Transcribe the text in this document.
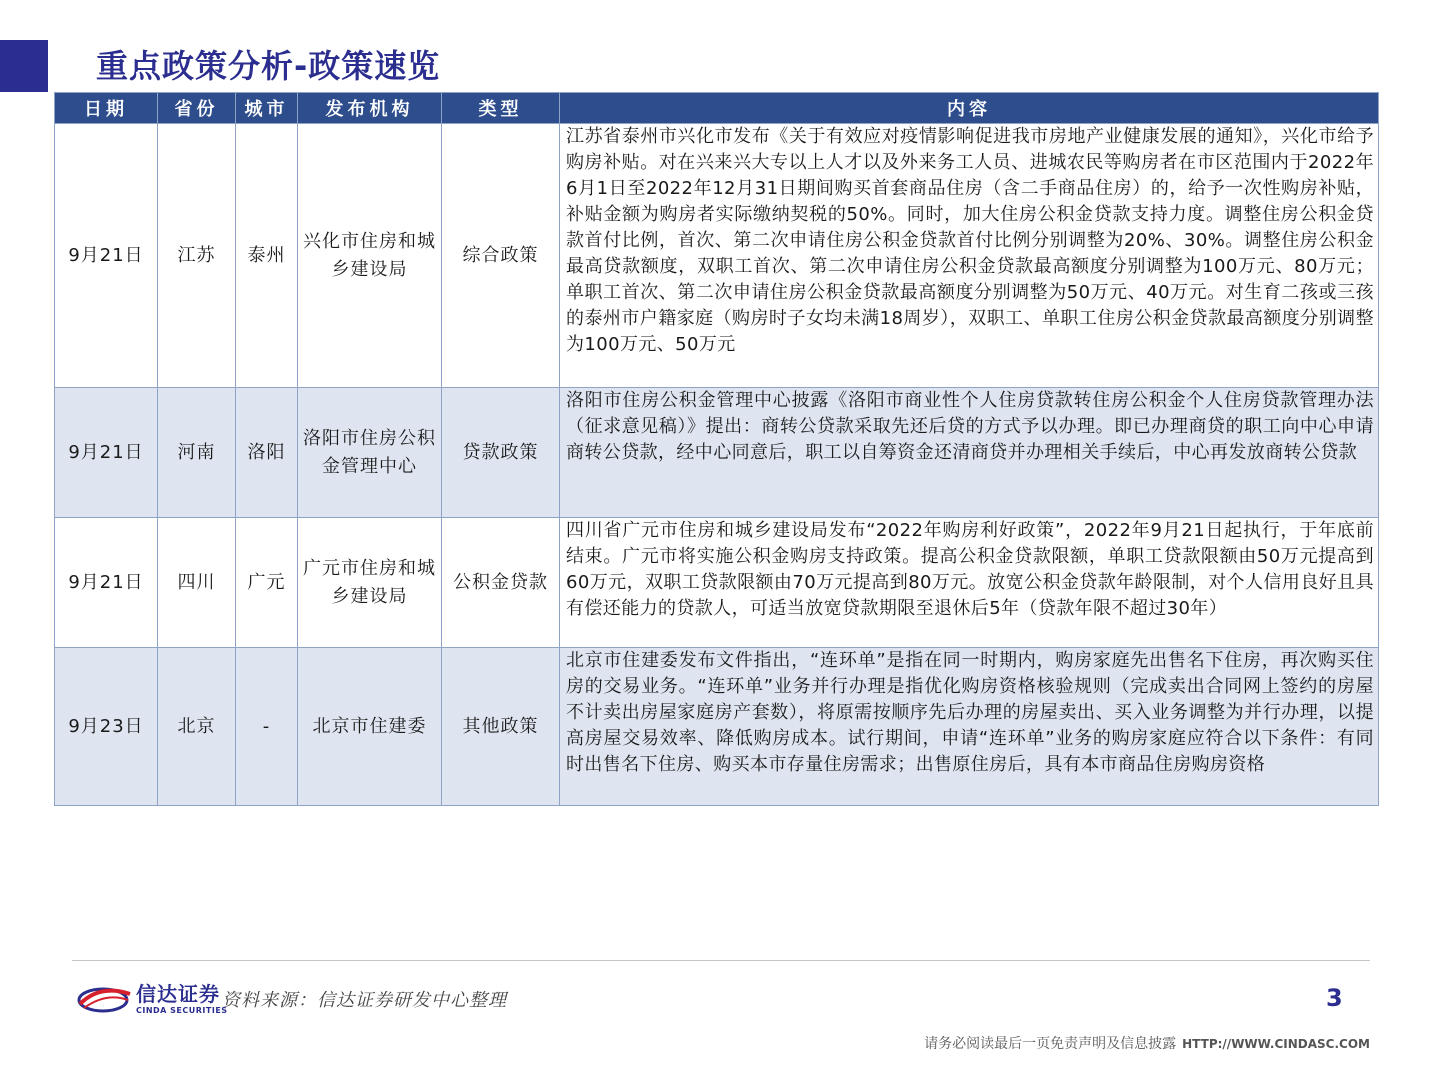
重点政策分析-政策速览
日期	省份	城市	发布机构	类型	内容
9月21日	江苏	泰州	兴化市住房和城乡建设局	综合政策	江苏省泰州市兴化市发布《关于有效应对疫情影响促进我市房地产业健康发展的通知》，兴化市给予购房补贴。对在兴来兴大专以上人才以及外来务工人员、进城农民等购房者在市区范围内于2022年6月1日至2022年12月31日期间购买首套商品住房（含二手商品住房）的，给予一次性购房补贴，补贴金额为购房者实际缴纳契税的50%。同时，加大住房公积金贷款支持力度。调整住房公积金贷款首付比例，首次、第二次申请住房公积金贷款首付比例分别调整为20%、30%。调整住房公积金最高贷款额度，双职工首次、第二次申请住房公积金贷款最高额度分别调整为100万元、80万元；单职工首次、第二次申请住房公积金贷款最高额度分别调整为50万元、40万元。对生育二孩或三孩的泰州市户籍家庭（购房时子女均未满18周岁），双职工、单职工住房公积金贷款最高额度分别调整为100万元、50万元
9月21日	河南	洛阳	洛阳市住房公积金管理中心	贷款政策	洛阳市住房公积金管理中心披露《洛阳市商业性个人住房贷款转住房公积金个人住房贷款管理办法（征求意见稿）》提出：商转公贷款采取先还后贷的方式予以办理。即已办理商贷的职工向中心申请商转公贷款，经中心同意后，职工以自筹资金还清商贷并办理相关手续后，中心再发放商转公贷款
9月21日	四川	广元	广元市住房和城乡建设局	公积金贷款	四川省广元市住房和城乡建设局发布“2022年购房利好政策”，2022年9月21日起执行，于年底前结束。广元市将实施公积金购房支持政策。提高公积金贷款限额，单职工贷款限额由50万元提高到60万元，双职工贷款限额由70万元提高到80万元。放宽公积金贷款年龄限制，对个人信用良好且具有偿还能力的贷款人，可适当放宽贷款期限至退休后5年（贷款年限不超过30年）
9月23日	北京	-	北京市住建委	其他政策	北京市住建委发布文件指出，“连环单”是指在同一时期内，购房家庭先出售名下住房，再次购买住房的交易业务。“连环单”业务并行办理是指优化购房资格核验规则（完成卖出合同网上签约的房屋不计卖出房屋家庭房产套数），将原需按顺序先后办理的房屋卖出、买入业务调整为并行办理，以提高房屋交易效率、降低购房成本。试行期间，申请“连环单”业务的购房家庭应符合以下条件：有同时出售名下住房、购买本市存量住房需求；出售原住房后，具有本市商品住房购房资格
信达证券
CINDA SECURITIES
资料来源：信达证券研发中心整理	3
请务必阅读最后一页免责声明及信息披露 HTTP://WWW.CINDASC.COM
